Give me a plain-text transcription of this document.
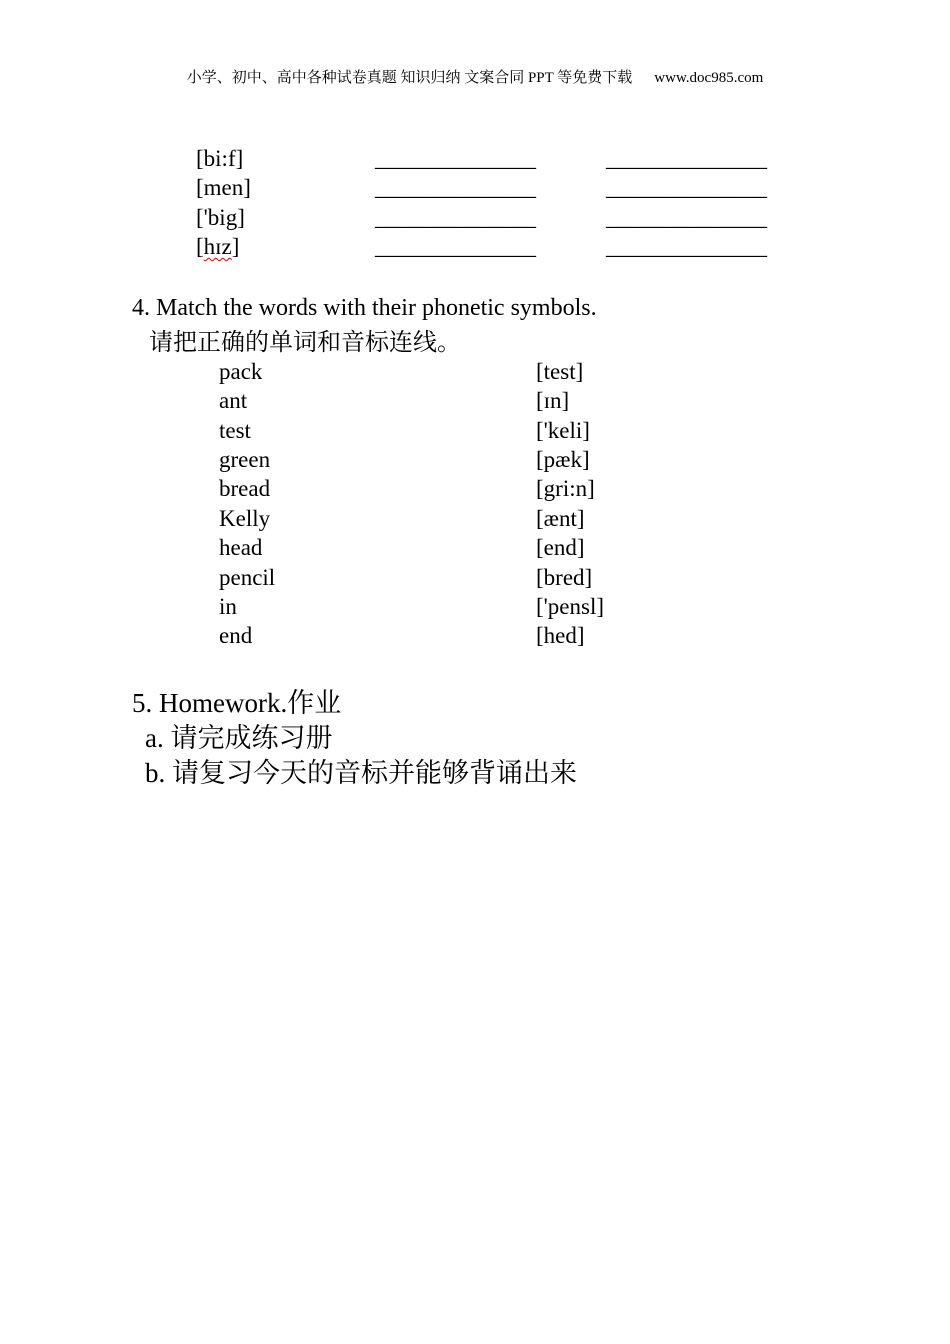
小学、初中、高中各种试卷真题 知识归纳 文案合同 PPT 等免费下载 www.doc985.com
[bi:f]	______________	______________
[men]	______________	______________
['big]	______________	______________
[hɪz]	______________	______________
4. Match the words with their phonetic symbols.
请把正确的单词和音标连线。
pack	[test]
ant	[ɪn]
test	['keli]
green	[pæk]
bread	[gri:n]
Kelly	[ænt]
head	[end]
pencil	[bred]
in	['pensl]
end	[hed]
5. Homework.作业
a. 请完成练习册
b. 请复习今天的音标并能够背诵出来
